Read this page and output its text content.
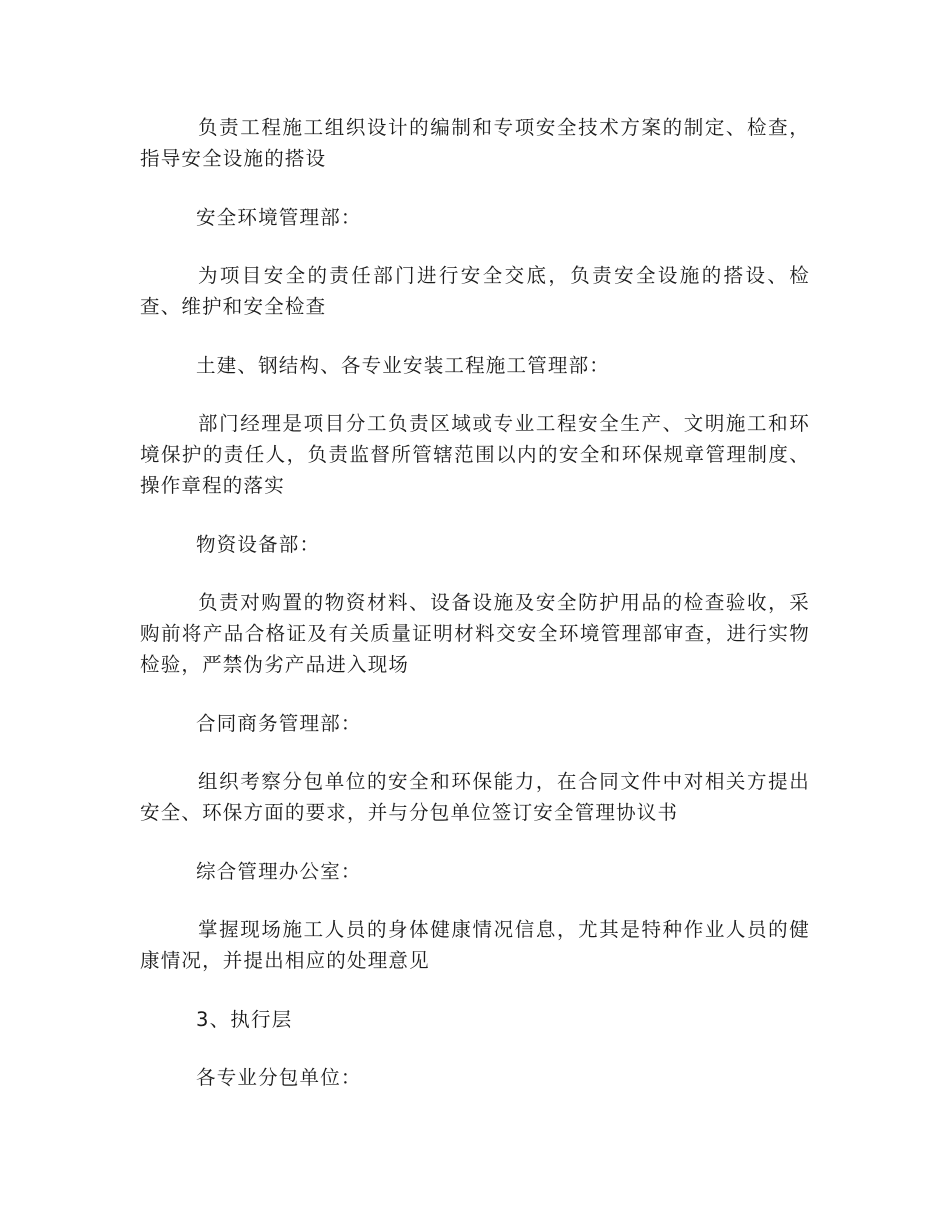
负责工程施工组织设计的编制和专项安全技术方案的制定、检查，指导安全设施的搭设

安全环境管理部：

为项目安全的责任部门进行安全交底，负责安全设施的搭设、检查、维护和安全检查

土建、钢结构、各专业安装工程施工管理部：

部门经理是项目分工负责区域或专业工程安全生产、文明施工和环境保护的责任人，负责监督所管辖范围以内的安全和环保规章管理制度、操作章程的落实

物资设备部：

负责对购置的物资材料、设备设施及安全防护用品的检查验收，采购前将产品合格证及有关质量证明材料交安全环境管理部审查，进行实物检验，严禁伪劣产品进入现场

合同商务管理部：

组织考察分包单位的安全和环保能力，在合同文件中对相关方提出安全、环保方面的要求，并与分包单位签订安全管理协议书

综合管理办公室：

掌握现场施工人员的身体健康情况信息，尤其是特种作业人员的健康情况，并提出相应的处理意见

3、执行层

各专业分包单位：
